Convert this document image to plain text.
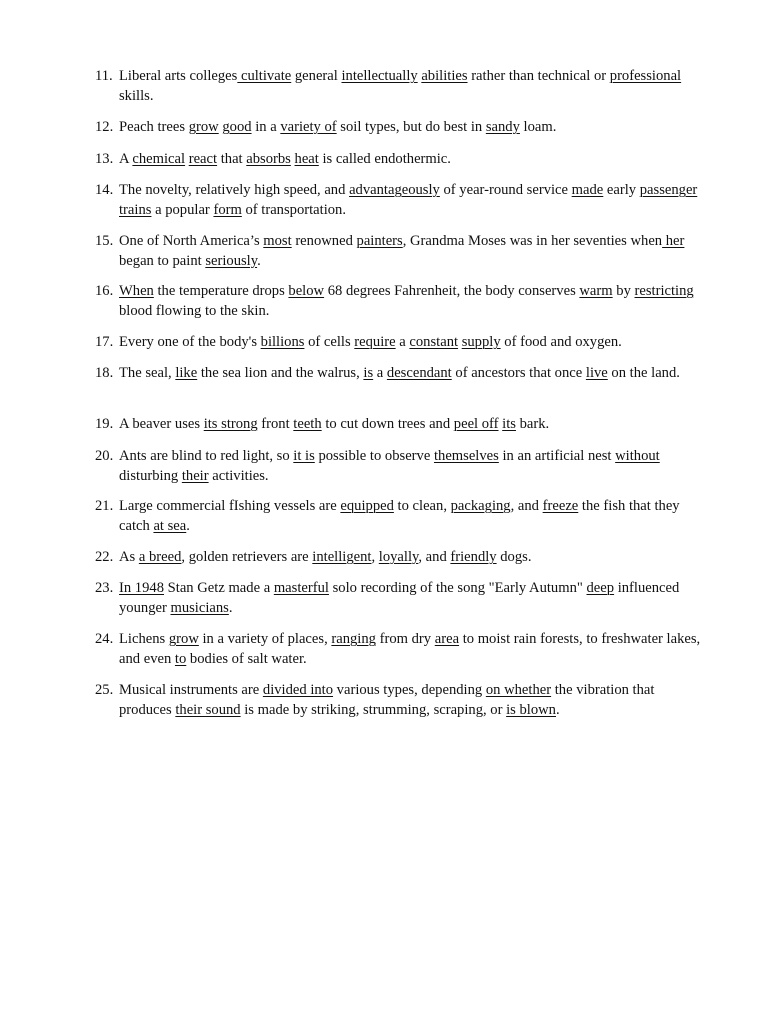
11. Liberal arts colleges cultivate general intellectually abilities rather than technical or professional skills.
12. Peach trees grow good in a variety of soil types, but do best in sandy loam.
13. A chemical react that absorbs heat is called endothermic.
14. The novelty, relatively high speed, and advantageously of year-round service made early passenger trains a popular form of transportation.
15. One of North America’s most renowned painters, Grandma Moses was in her seventies when her began to paint seriously.
16. When the temperature drops below 68 degrees Fahrenheit, the body conserves warm by restricting blood flowing to the skin.
17. Every one of the body's billions of cells require a constant supply of food and oxygen.
18. The seal, like the sea lion and the walrus, is a descendant of ancestors that once live on the land.
19. A beaver uses its strong front teeth to cut down trees and peel off its bark.
20. Ants are blind to red light, so it is possible to observe themselves in an artificial nest without disturbing their activities.
21. Large commercial fIshing vessels are equipped to clean, packaging, and freeze the fish that they catch at sea.
22. As a breed, golden retrievers are intelligent, loyally, and friendly dogs.
23. In 1948 Stan Getz made a masterful solo recording of the song "Early Autumn" deep influenced younger musicians.
24. Lichens grow in a variety of places, ranging from dry area to moist rain forests, to freshwater lakes, and even to bodies of salt water.
25. Musical instruments are divided into various types, depending on whether the vibration that produces their sound is made by striking, strumming, scraping, or is blown.
